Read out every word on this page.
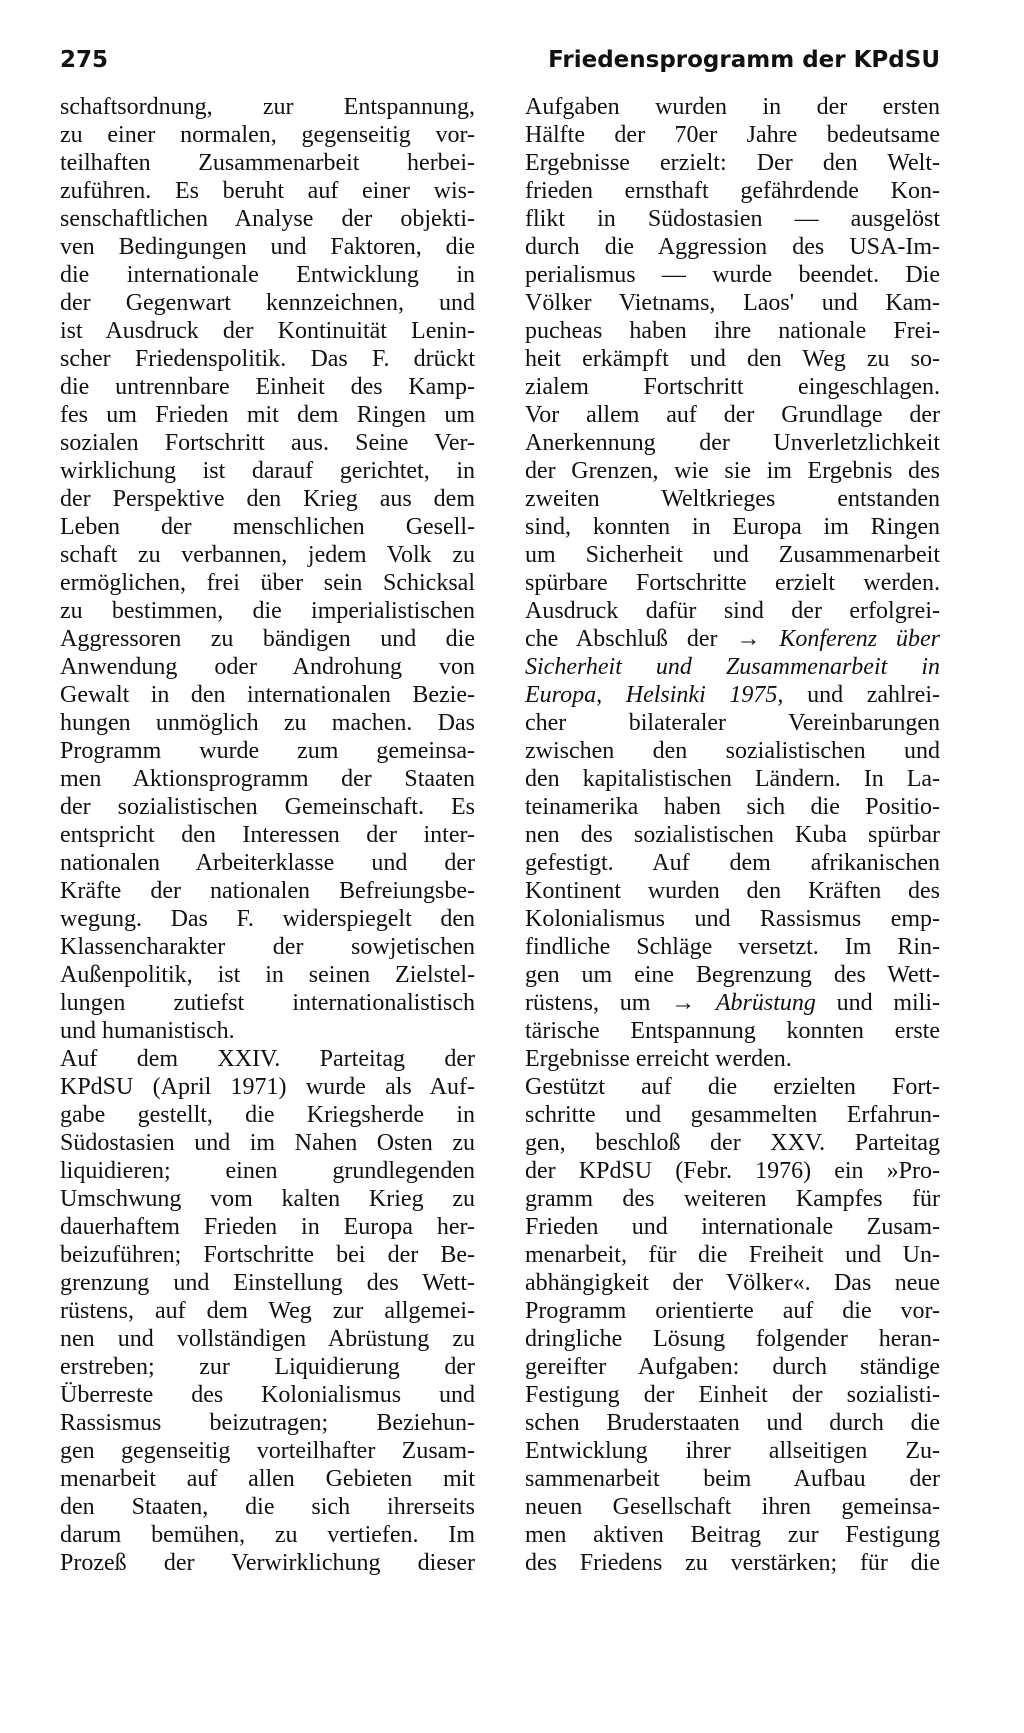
275	Friedensprogramm der KPdSU
schaftsordnung, zur Entspannung,
zu einer normalen, gegenseitig vor-
teilhaften Zusammenarbeit herbei-
zuführen. Es beruht auf einer wis-
senschaftlichen Analyse der objekti-
ven Bedingungen und Faktoren, die
die internationale Entwicklung in
der Gegenwart kennzeichnen, und
ist Ausdruck der Kontinuität Lenin-
scher Friedenspolitik. Das F. drückt
die untrennbare Einheit des Kamp-
fes um Frieden mit dem Ringen um
sozialen Fortschritt aus. Seine Ver-
wirklichung ist darauf gerichtet, in
der Perspektive den Krieg aus dem
Leben der menschlichen Gesell-
schaft zu verbannen, jedem Volk zu
ermöglichen, frei über sein Schicksal
zu bestimmen, die imperialistischen
Aggressoren zu bändigen und die
Anwendung oder Androhung von
Gewalt in den internationalen Bezie-
hungen unmöglich zu machen. Das
Programm wurde zum gemeinsa-
men Aktionsprogramm der Staaten
der sozialistischen Gemeinschaft. Es
entspricht den Interessen der inter-
nationalen Arbeiterklasse und der
Kräfte der nationalen Befreiungsbe-
wegung. Das F. widerspiegelt den
Klassencharakter der sowjetischen
Außenpolitik, ist in seinen Zielstel-
lungen zutiefst internationalistisch
und humanistisch.
Auf dem XXIV. Parteitag der
KPdSU (April 1971) wurde als Auf-
gabe gestellt, die Kriegsherde in
Südostasien und im Nahen Osten zu
liquidieren; einen grundlegenden
Umschwung vom kalten Krieg zu
dauerhaftem Frieden in Europa her-
beizuführen; Fortschritte bei der Be-
grenzung und Einstellung des Wett-
rüstens, auf dem Weg zur allgemei-
nen und vollständigen Abrüstung zu
erstreben; zur Liquidierung der
Überreste des Kolonialismus und
Rassismus beizutragen; Beziehun-
gen gegenseitig vorteilhafter Zusam-
menarbeit auf allen Gebieten mit
den Staaten, die sich ihrerseits
darum bemühen, zu vertiefen. Im
Prozeß der Verwirklichung dieser
Aufgaben wurden in der ersten
Hälfte der 70er Jahre bedeutsame
Ergebnisse erzielt: Der den Welt-
frieden ernsthaft gefährdende Kon-
flikt in Südostasien — ausgelöst
durch die Aggression des USA-Im-
perialismus — wurde beendet. Die
Völker Vietnams, Laos' und Kam-
pucheas haben ihre nationale Frei-
heit erkämpft und den Weg zu so-
zialem Fortschritt eingeschlagen.
Vor allem auf der Grundlage der
Anerkennung der Unverletzlichkeit
der Grenzen, wie sie im Ergebnis des
zweiten Weltkrieges entstanden
sind, konnten in Europa im Ringen
um Sicherheit und Zusammenarbeit
spürbare Fortschritte erzielt werden.
Ausdruck dafür sind der erfolgrei-
che Abschluß der → Konferenz über
Sicherheit und Zusammenarbeit in
Europa, Helsinki 1975, und zahlrei-
cher bilateraler Vereinbarungen
zwischen den sozialistischen und
den kapitalistischen Ländern. In La-
teinamerika haben sich die Positio-
nen des sozialistischen Kuba spürbar
gefestigt. Auf dem afrikanischen
Kontinent wurden den Kräften des
Kolonialismus und Rassismus emp-
findliche Schläge versetzt. Im Rin-
gen um eine Begrenzung des Wett-
rüstens, um → Abrüstung und mili-
tärische Entspannung konnten erste
Ergebnisse erreicht werden.
Gestützt auf die erzielten Fort-
schritte und gesammelten Erfahrun-
gen, beschloß der XXV. Parteitag
der KPdSU (Febr. 1976) ein »Pro-
gramm des weiteren Kampfes für
Frieden und internationale Zusam-
menarbeit, für die Freiheit und Un-
abhängigkeit der Völker«. Das neue
Programm orientierte auf die vor-
dringliche Lösung folgender heran-
gereifter Aufgaben: durch ständige
Festigung der Einheit der sozialisti-
schen Bruderstaaten und durch die
Entwicklung ihrer allseitigen Zu-
sammenarbeit beim Aufbau der
neuen Gesellschaft ihren gemeinsa-
men aktiven Beitrag zur Festigung
des Friedens zu verstärken; für die
